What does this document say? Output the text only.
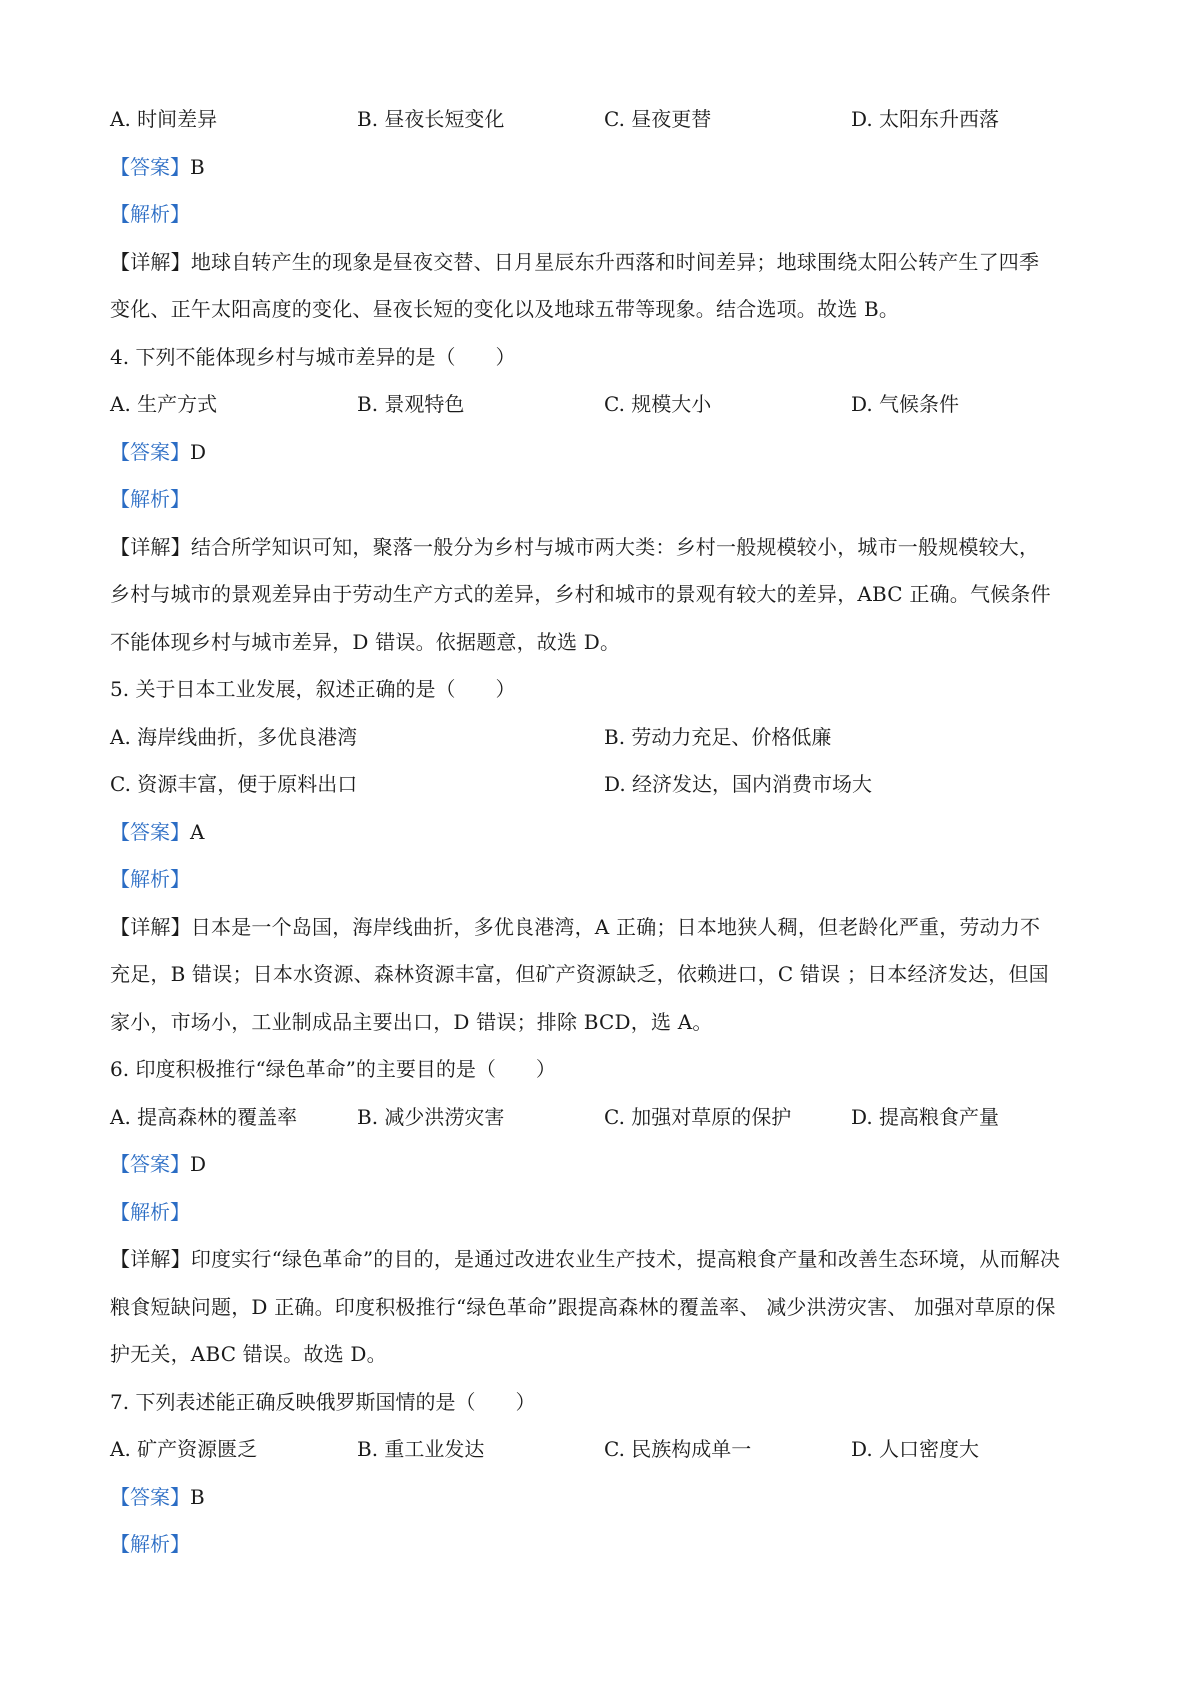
A. 时间差异	B. 昼夜长短变化	C. 昼夜更替	D. 太阳东升西落
【答案】B
【解析】
【详解】地球自转产生的现象是昼夜交替、日月星辰东升西落和时间差异；地球围绕太阳公转产生了四季
变化、正午太阳高度的变化、昼夜长短的变化以及地球五带等现象。结合选项。故选 B。
4. 下列不能体现乡村与城市差异的是（　　）
A. 生产方式	B. 景观特色	C. 规模大小	D. 气候条件
【答案】D
【解析】
【详解】结合所学知识可知，聚落一般分为乡村与城市两大类：乡村一般规模较小，城市一般规模较大，
乡村与城市的景观差异由于劳动生产方式的差异，乡村和城市的景观有较大的差异，ABC 正确。气候条件
不能体现乡村与城市差异，D 错误。依据题意，故选 D。
5. 关于日本工业发展，叙述正确的是（　　）
A. 海岸线曲折，多优良港湾	B. 劳动力充足、价格低廉
C. 资源丰富，便于原料出口	D. 经济发达，国内消费市场大
【答案】A
【解析】
【详解】日本是一个岛国，海岸线曲折，多优良港湾，A 正确；日本地狭人稠，但老龄化严重，劳动力不
充足，B 错误；日本水资源、森林资源丰富，但矿产资源缺乏，依赖进口，C 错误 ；日本经济发达，但国
家小，市场小，工业制成品主要出口，D 错误；排除 BCD，选 A。
6. 印度积极推行“绿色革命”的主要目的是（　　）
A. 提高森林的覆盖率	B. 减少洪涝灾害	C. 加强对草原的保护	D. 提高粮食产量
【答案】D
【解析】
【详解】印度实行“绿色革命”的目的，是通过改进农业生产技术，提高粮食产量和改善生态环境，从而解决
粮食短缺问题，D 正确。印度积极推行“绿色革命”跟提高森林的覆盖率、 减少洪涝灾害、 加强对草原的保
护无关，ABC 错误。故选 D。
7. 下列表述能正确反映俄罗斯国情的是（　　）
A. 矿产资源匮乏	B. 重工业发达	C. 民族构成单一	D. 人口密度大
【答案】B
【解析】
